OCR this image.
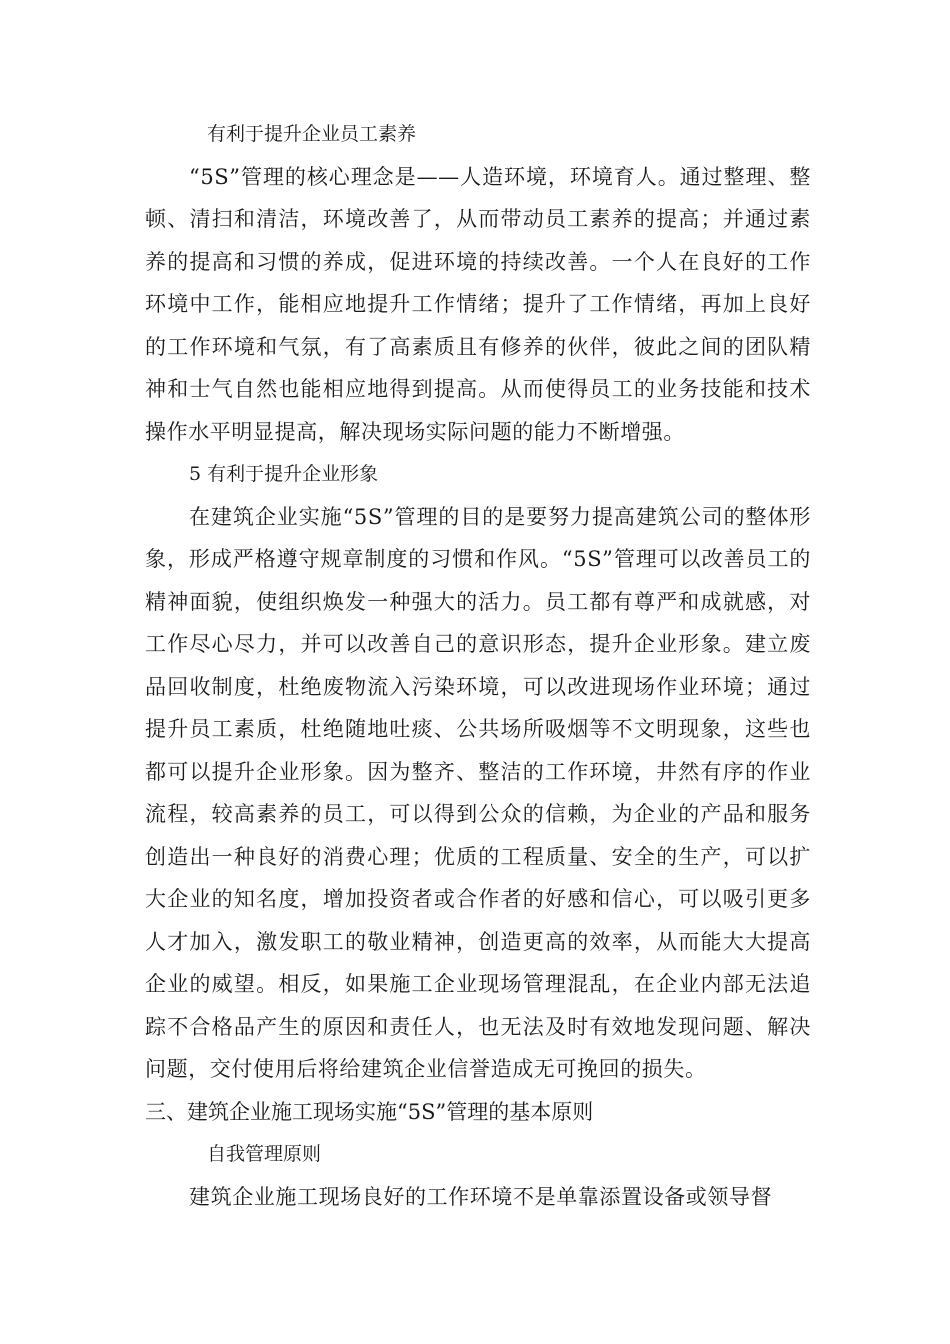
有利于提升企业员工素养

“5S”管理的核心理念是——人造环境，环境育人。通过整理、整顿、清扫和清洁，环境改善了，从而带动员工素养的提高；并通过素养的提高和习惯的养成，促进环境的持续改善。一个人在良好的工作环境中工作，能相应地提升工作情绪；提升了工作情绪，再加上良好的工作环境和气氛，有了高素质且有修养的伙伴，彼此之间的团队精神和士气自然也能相应地得到提高。从而使得员工的业务技能和技术操作水平明显提高，解决现场实际问题的能力不断增强。

5 有利于提升企业形象

在建筑企业实施“5S”管理的目的是要努力提高建筑公司的整体形象，形成严格遵守规章制度的习惯和作风。“5S”管理可以改善员工的精神面貌，使组织焕发一种强大的活力。员工都有尊严和成就感，对工作尽心尽力，并可以改善自己的意识形态，提升企业形象。建立废品回收制度，杜绝废物流入污染环境，可以改进现场作业环境；通过提升员工素质，杜绝随地吐痰、公共场所吸烟等不文明现象，这些也都可以提升企业形象。因为整齐、整洁的工作环境，井然有序的作业流程，较高素养的员工，可以得到公众的信赖，为企业的产品和服务创造出一种良好的消费心理；优质的工程质量、安全的生产，可以扩大企业的知名度，增加投资者或合作者的好感和信心，可以吸引更多人才加入，激发职工的敬业精神，创造更高的效率，从而能大大提高企业的威望。相反，如果施工企业现场管理混乱，在企业内部无法追踪不合格品产生的原因和责任人，也无法及时有效地发现问题、解决问题，交付使用后将给建筑企业信誉造成无可挽回的损失。

三、建筑企业施工现场实施“5S”管理的基本原则
自我管理原则

建筑企业施工现场良好的工作环境不是单靠添置设备或领导督
